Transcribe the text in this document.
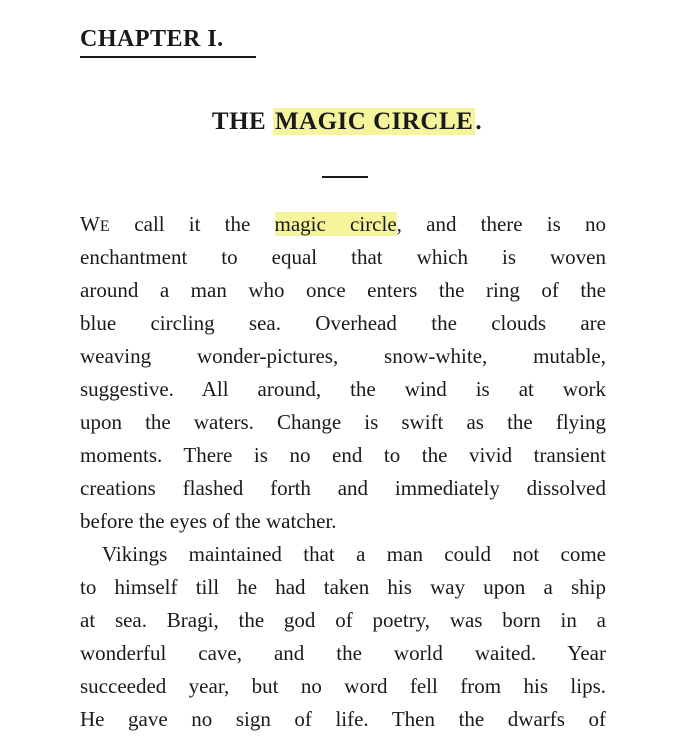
CHAPTER I.
THE MAGIC CIRCLE.
WE call it the magic circle, and there is no
enchantment to equal that which is woven
around a man who once enters the ring of the
blue circling sea. Overhead the clouds are
weaving wonder-pictures, snow-white, mutable,
suggestive. All around, the wind is at work
upon the waters. Change is swift as the flying
moments. There is no end to the vivid transient
creations flashed forth and immediately dissolved
before the eyes of the watcher.
Vikings maintained that a man could not come
to himself till he had taken his way upon a ship
at sea. Bragi, the god of poetry, was born in a
wonderful cave, and the world waited. Year
succeeded year, but no word fell from his lips.
He gave no sign of life. Then the dwarfs of
